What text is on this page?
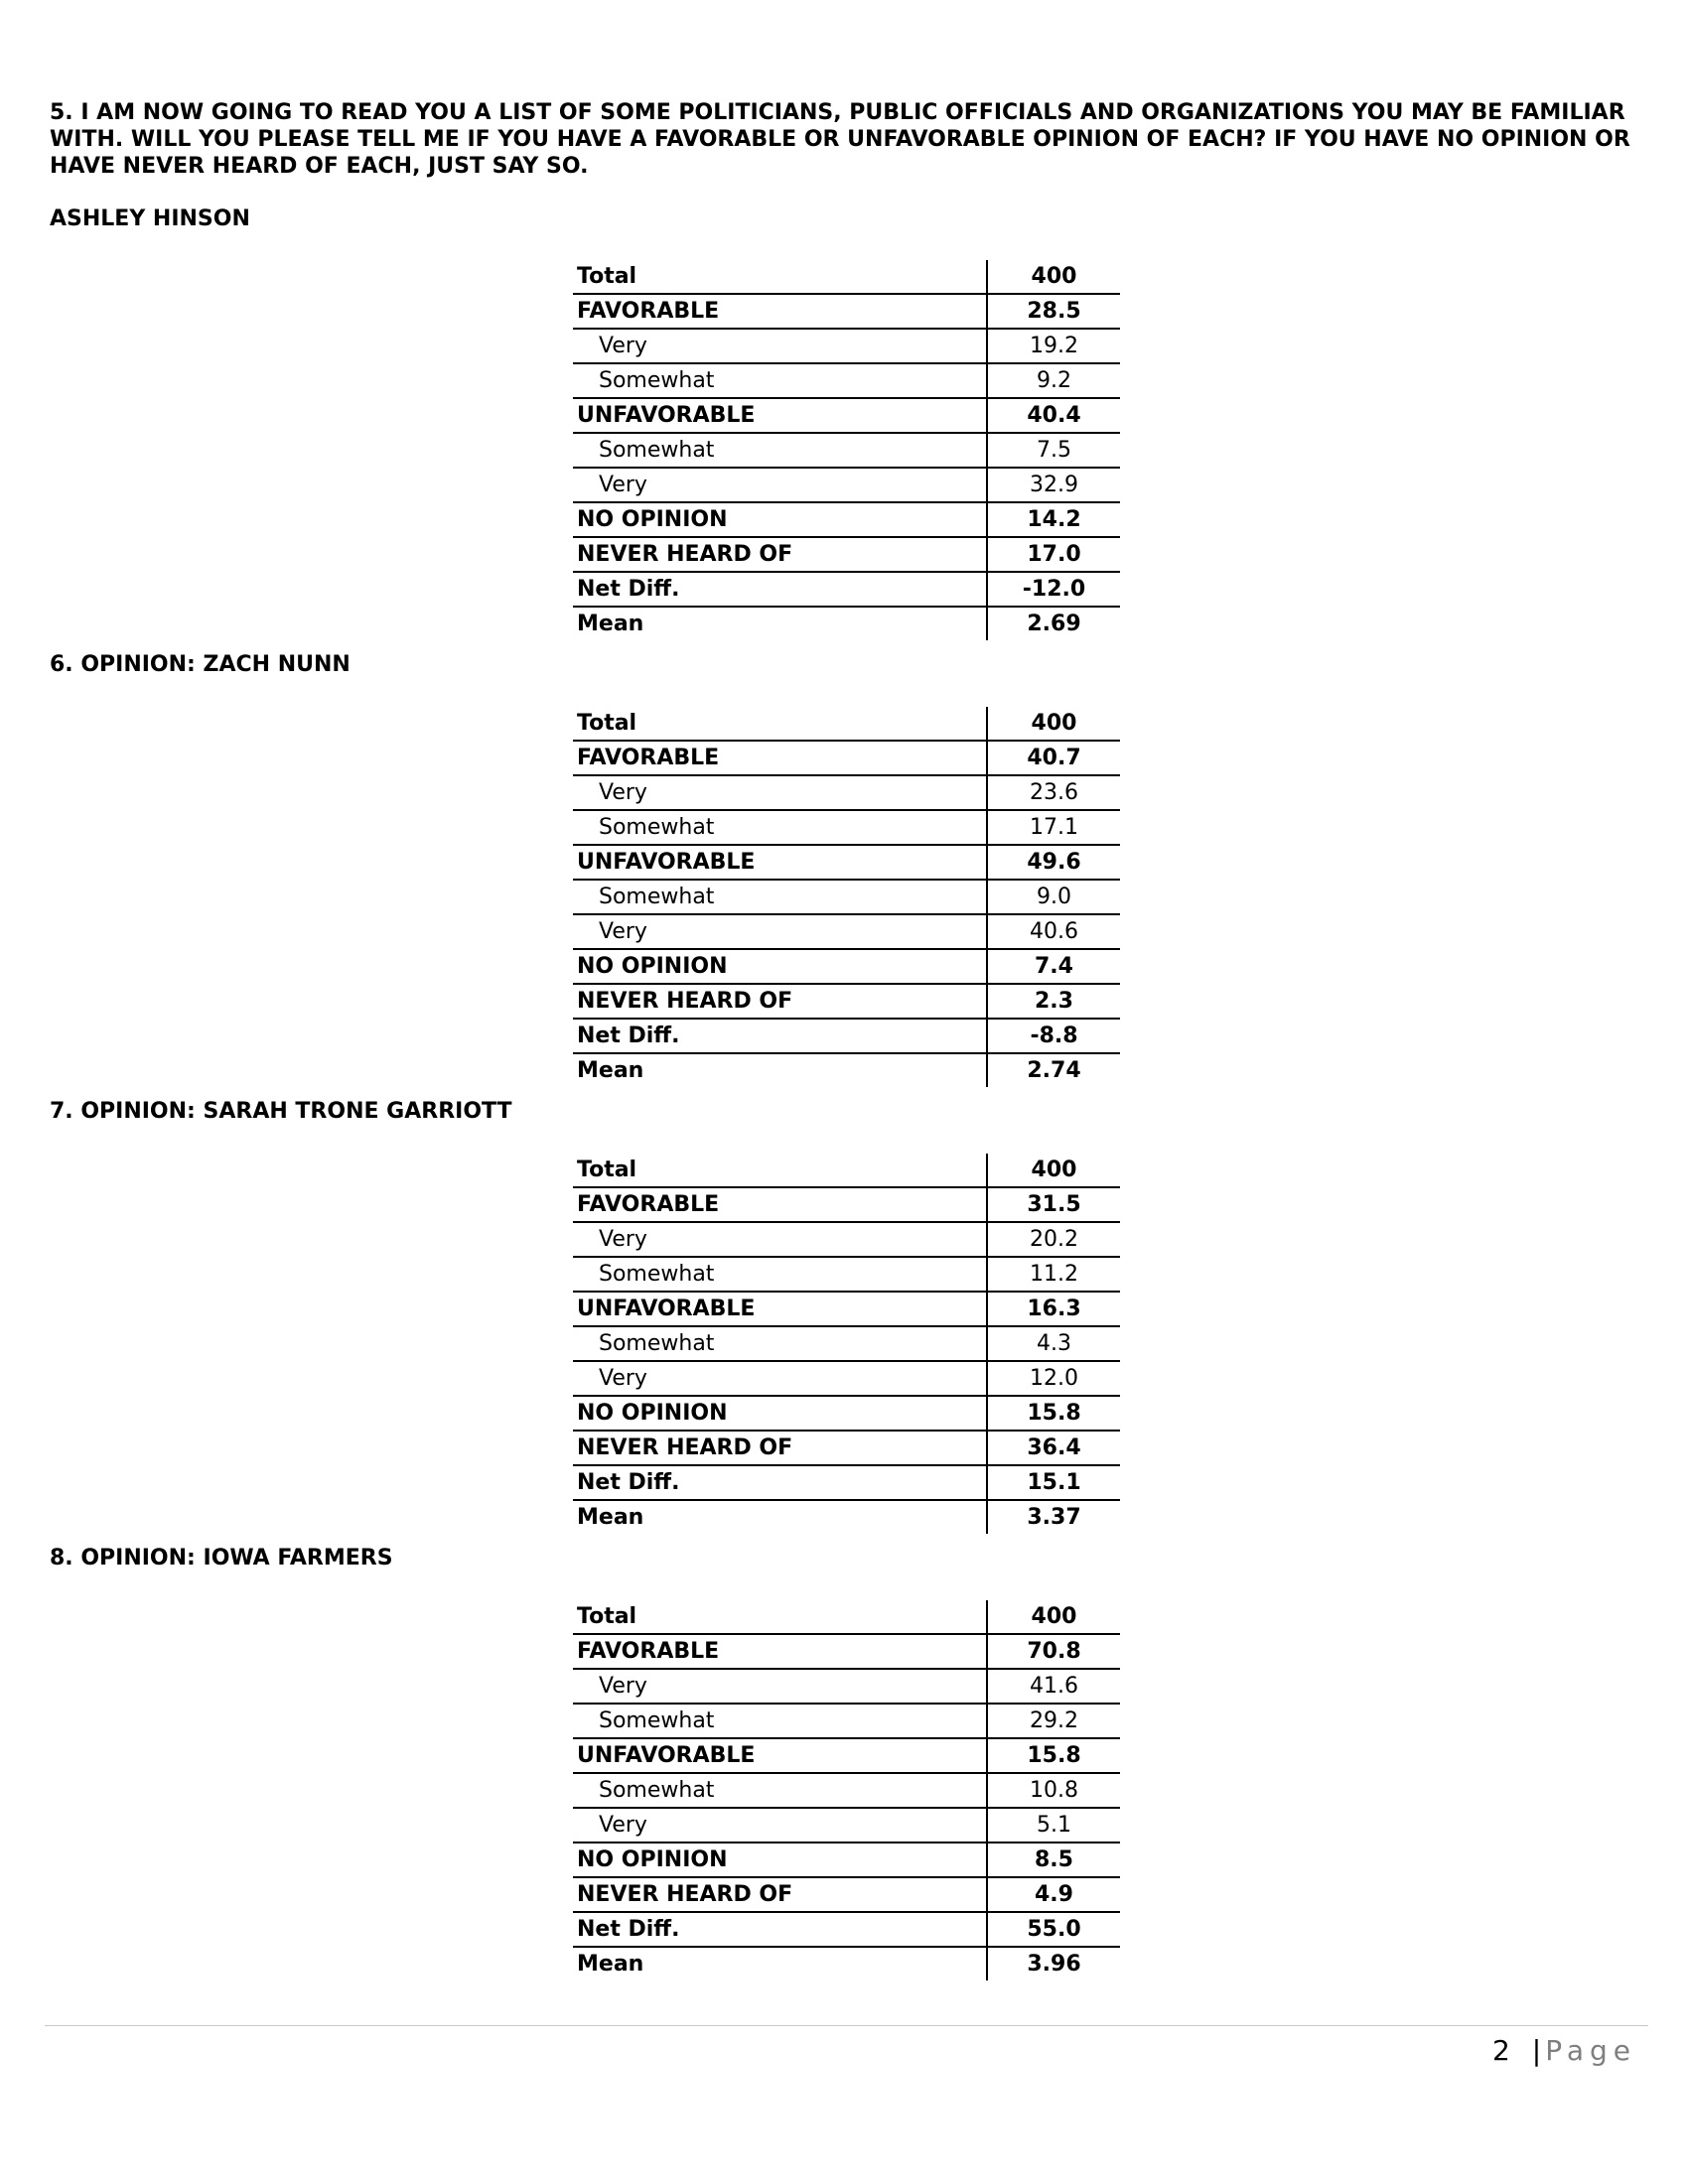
5. I AM NOW GOING TO READ YOU A LIST OF SOME POLITICIANS, PUBLIC OFFICIALS AND ORGANIZATIONS YOU MAY BE FAMILIAR WITH. WILL YOU PLEASE TELL ME IF YOU HAVE A FAVORABLE OR UNFAVORABLE OPINION OF EACH? IF YOU HAVE NO OPINION OR HAVE NEVER HEARD OF EACH, JUST SAY SO.

ASHLEY HINSON

Total	400
FAVORABLE	28.5
Very	19.2
Somewhat	9.2
UNFAVORABLE	40.4
Somewhat	7.5
Very	32.9
NO OPINION	14.2
NEVER HEARD OF	17.0
Net Diff.	-12.0
Mean	2.69

6. OPINION: ZACH NUNN

Total	400
FAVORABLE	40.7
Very	23.6
Somewhat	17.1
UNFAVORABLE	49.6
Somewhat	9.0
Very	40.6
NO OPINION	7.4
NEVER HEARD OF	2.3
Net Diff.	-8.8
Mean	2.74

7. OPINION: SARAH TRONE GARRIOTT

Total	400
FAVORABLE	31.5
Very	20.2
Somewhat	11.2
UNFAVORABLE	16.3
Somewhat	4.3
Very	12.0
NO OPINION	15.8
NEVER HEARD OF	36.4
Net Diff.	15.1
Mean	3.37

8. OPINION: IOWA FARMERS

Total	400
FAVORABLE	70.8
Very	41.6
Somewhat	29.2
UNFAVORABLE	15.8
Somewhat	10.8
Very	5.1
NO OPINION	8.5
NEVER HEARD OF	4.9
Net Diff.	55.0
Mean	3.96
2 | Page
